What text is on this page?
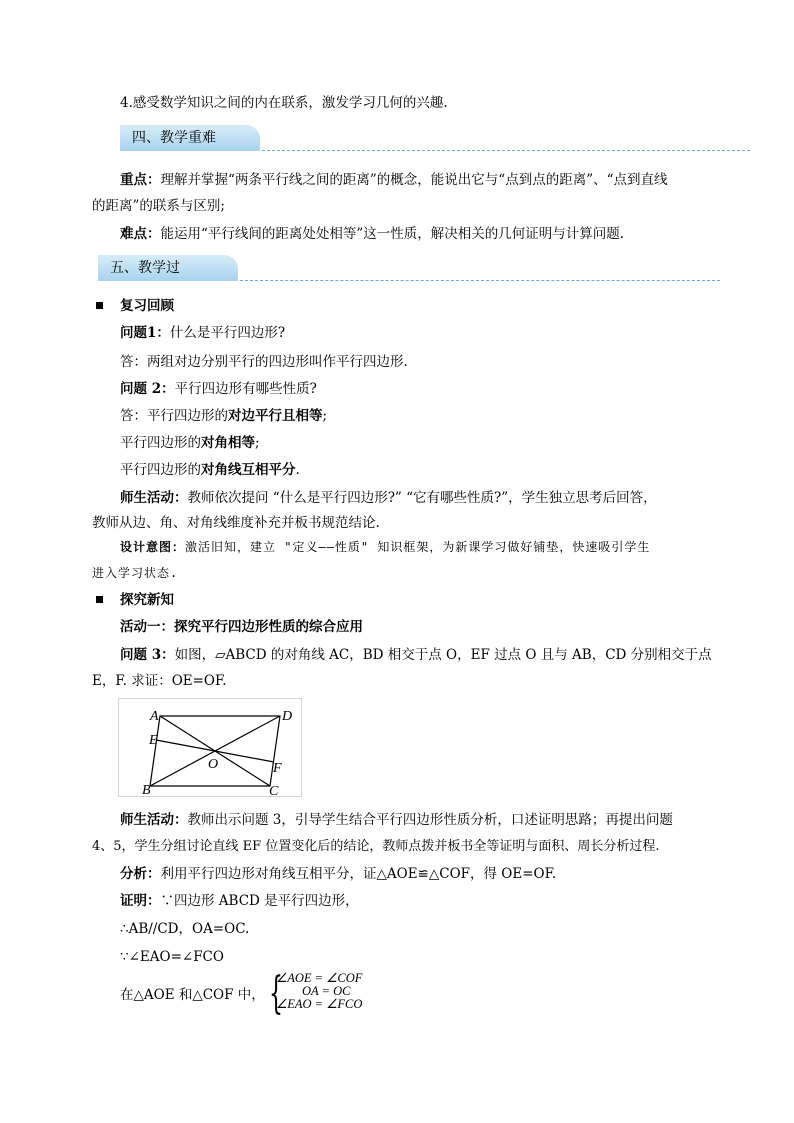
4.感受数学知识之间的内在联系，激发学习几何的兴趣.
四、教学重难
重点：理解并掌握“两条平行线之间的距离”的概念，能说出它与“点到点的距离”、“点到直线
的距离”的联系与区别;
难点：能运用“平行线间的距离处处相等”这一性质，解决相关的几何证明与计算问题.
五、教学过
复习回顾
问题1：什么是平行四边形?
答：两组对边分别平行的四边形叫作平行四边形.
问题 2：平行四边形有哪些性质?
答：平行四边形的对边平行且相等;
平行四边形的对角相等;
平行四边形的对角线互相平分.
师生活动：教师依次提问 “什么是平行四边形?” “它有哪些性质?”，学生独立思考后回答，
教师从边、角、对角线维度补充并板书规范结论.
设计意图：激活旧知，建立 "定义——性质" 知识框架，为新课学习做好铺垫，快速吸引学生
进入学习状态.
探究新知
活动一：探究平行四边形性质的综合应用
问题 3：如图，▱ABCD 的对角线 AC，BD 相交于点 O，EF 过点 O 且与 AB，CD 分别相交于点
E，F. 求证：OE=OF.
A	D
B	C
E
F
O
师生活动：教师出示问题 3，引导学生结合平行四边形性质分析，口述证明思路；再提出问题
4、5，学生分组讨论直线 EF 位置变化后的结论，教师点拨并板书全等证明与面积、周长分析过程.
分析：利用平行四边形对角线互相平分，证△AOE≌△COF，得 OE=OF.
证明：∵四边形 ABCD 是平行四边形，
∴AB//CD，OA=OC.
∵∠EAO=∠FCO
在△AOE 和△COF 中， {
∠AOE = ∠COF
OA = OC
∠EAO = ∠FCO
